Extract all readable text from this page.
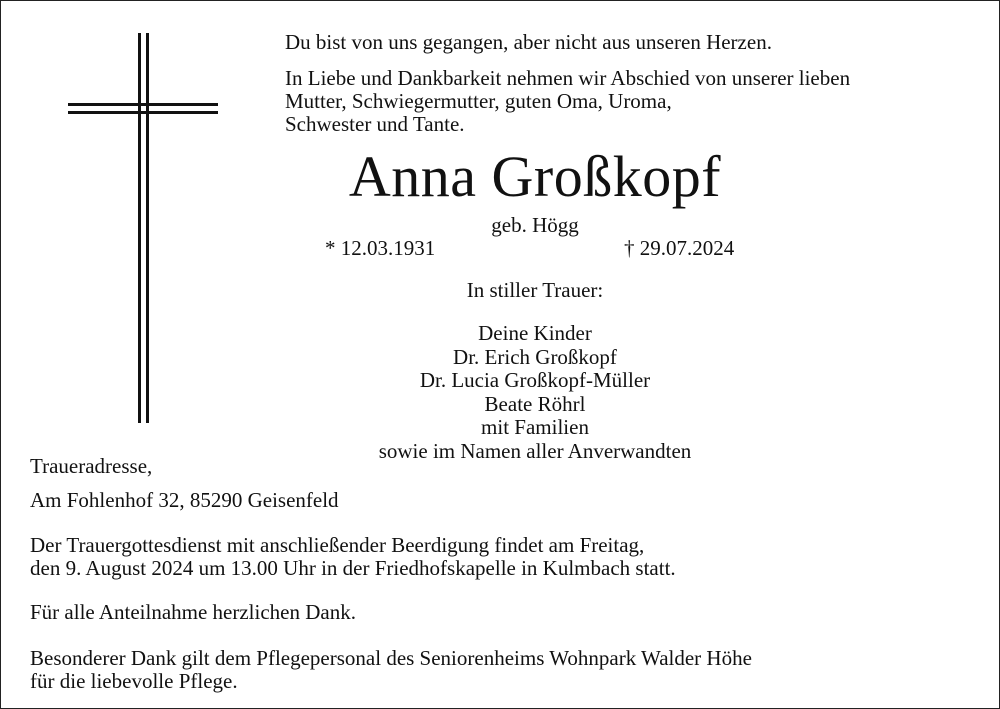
Du bist von uns gegangen, aber nicht aus unseren Herzen.

In Liebe und Dankbarkeit nehmen wir Abschied von unserer lieben

Mutter, Schwiegermutter, guten Oma, Uroma,

Schwester und Tante.

Anna Großkopf

geb. Högg

* 12.03.1931	† 29.07.2024

In stiller Trauer:

Deine Kinder
Dr. Erich Großkopf
Dr. Lucia Großkopf-Müller
Beate Röhrl
mit Familien
sowie im Namen aller Anverwandten

Traueradresse,

Am Fohlenhof 32, 85290 Geisenfeld

Der Trauergottesdienst mit anschließender Beerdigung findet am Freitag,

den 9. August 2024 um 13.00 Uhr in der Friedhofskapelle in Kulmbach statt.

Für alle Anteilnahme herzlichen Dank.

Besonderer Dank gilt dem Pflegepersonal des Seniorenheims Wohnpark Walder Höhe

für die liebevolle Pflege.
